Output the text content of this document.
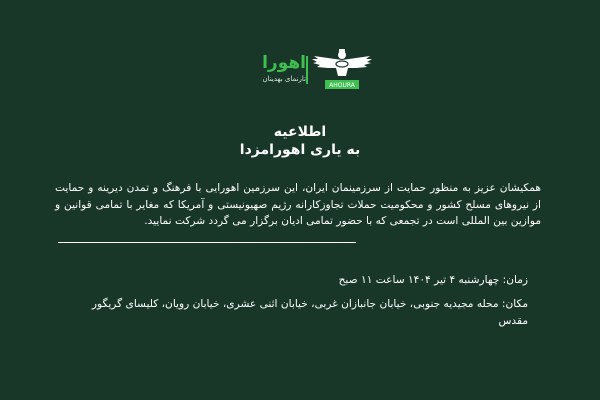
اهورا
تارنمای بهدینان
AHOURA
اطلاعیه
به یاری اهورامزدا
همکیشان عزیز به منظور حمایت از سرزمینمان ایران، این سرزمین اهورایی با فرهنگ و تمدن دیرینه و حمایت از نیروهای مسلح کشور و محکومیت حملات تجاوزکارانه رژیم صهیونیستی و آمریکا که مغایر با تمامی قوانین و موازین بین المللی است در تجمعی که با حضور تمامی ادیان برگزار می گردد شرکت نمایید.
زمان: چهارشنبه ۴ تیر ۱۴۰۴ ساعت ۱۱ صبح
مکان: محله مجیدیه جنوبی، خیابان جانبازان غربی، خیابان اثنی عشری، خیابان رویان، کلیسای گریگور مقدس
